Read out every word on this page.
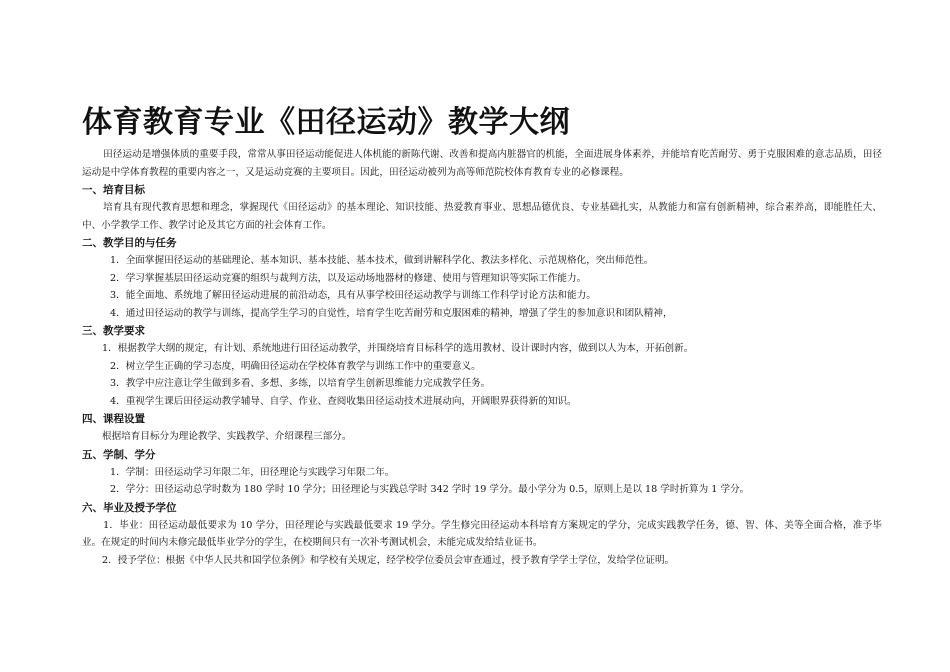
体育教育专业《田径运动》教学大纲

田径运动是增强体质的重要手段，常常从事田径运动能促进人体机能的新陈代谢、改善和提高内脏器官的机能，全面进展身体素养，并能培育吃苦耐劳、勇于克服困难的意志品质，田径运动是中学体育教程的重要内容之一，又是运动竞赛的主要项目。因此，田径运动被列为高等师范院校体育教育专业的必修课程。

一、培育目标

培育具有现代教育思想和理念，掌握现代《田径运动》的基本理论、知识技能、热爱教育事业、思想品德优良、专业基础扎实，从教能力和富有创新精神，综合素养高，即能胜任大、中、小学教学工作、教学讨论及其它方面的社会体育工作。

二、教学目的与任务

1．全面掌握田径运动的基础理论、基本知识、基本技能、基本技术，做到讲解科学化、教法多样化、示范规格化，突出师范性。

2．学习掌握基层田径运动竞赛的组织与裁判方法，以及运动场地器材的修建、使用与管理知识等实际工作能力。

3．能全面地、系统地了解田径运动进展的前沿动态，具有从事学校田径运动教学与训练工作科学讨论方法和能力。

4．通过田径运动的教学与训练，提高学生学习的自觉性，培育学生吃苦耐劳和克服困难的精神，增强了学生的参加意识和团队精神，

三、教学要求

1．根据教学大纲的规定，有计划、系统地进行田径运动教学，并围绕培育目标科学的选用教材、设计课时内容，做到以人为本，开拓创新。

2．树立学生正确的学习态度，明确田径运动在学校体育教学与训练工作中的重要意义。

3．教学中应注意让学生做到多看、多想、多练，以培育学生创新思维能力完成教学任务。

4．重视学生课后田径运动教学辅导、自学、作业、查阅收集田径运动技术进展动向，开阔眼界获得新的知识。

四、课程设置

根据培育目标分为理论教学、实践教学、介绍课程三部分。

五、学制、学分

1．学制：田径运动学习年限二年，田径理论与实践学习年限二年。

2．学分：田径运动总学时数为 180 学时 10 学分；田径理论与实践总学时 342 学时 19 学分。最小学分为 0.5，原则上是以 18 学时折算为 1 学分。

六、毕业及授予学位

1．毕业：田径运动最低要求为 10 学分，田径理论与实践最低要求 19 学分。学生修完田径运动本科培育方案规定的学分，完成实践教学任务，德、智、体、美等全面合格，准予毕业。在规定的时间内未修完最低毕业学分的学生，在校期间只有一次补考测试机会，未能完成发给结业证书。

2．授予学位：根据《中华人民共和国学位条例》和学校有关规定，经学校学位委员会审查通过，授予教育学学士学位，发给学位证明。
